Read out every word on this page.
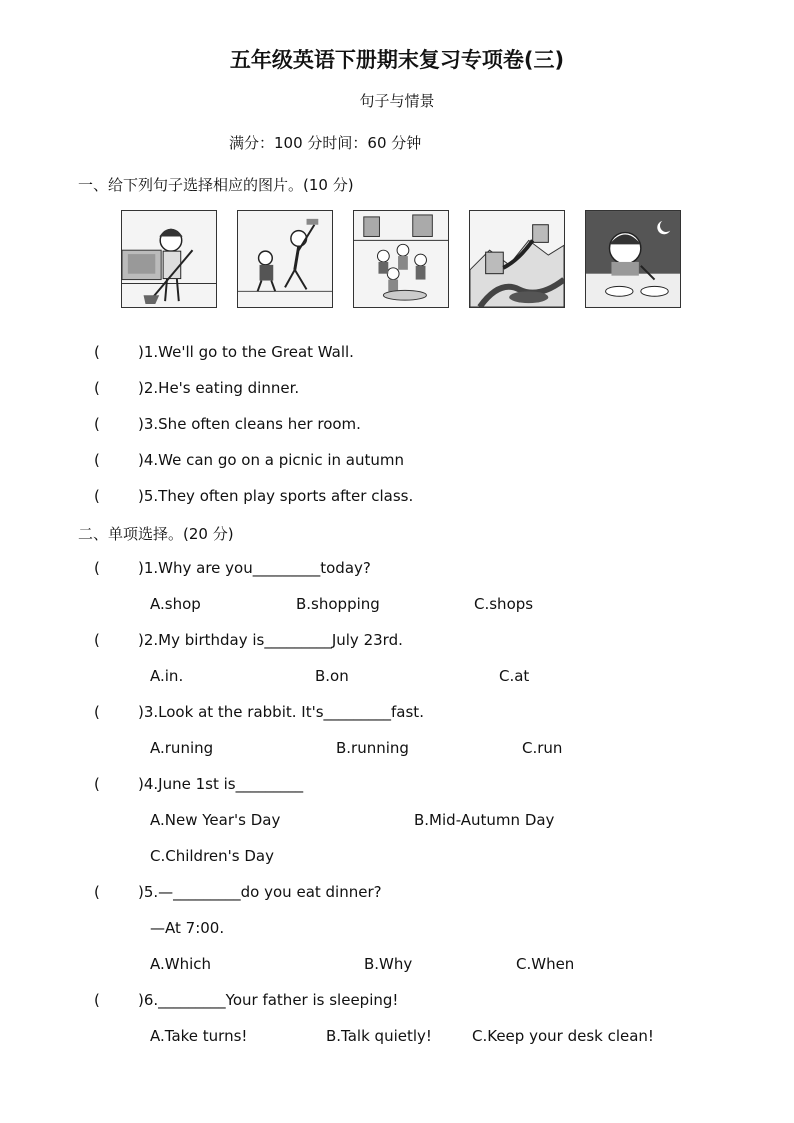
五年级英语下册期末复习专项卷(三)
句子与情景
满分：100 分时间：60 分钟
一、给下列句子选择相应的图片。(10 分)
(	)1.We'll go to the Great Wall.
(	)2.He's eating dinner.
(	)3.She often cleans her room.
(	)4.We can go on a picnic in autumn
(	)5.They often play sports after class.
二、单项选择。(20 分)
(	)1.Why are you_________today?
A.shop	B.shopping	C.shops
(	)2.My birthday is_________July 23rd.
A.in.	B.on	C.at
(	)3.Look at the rabbit. It's_________fast.
A.runing	B.running	C.run
(	)4.June 1st is_________
A.New Year's Day	B.Mid-Autumn Day
C.Children's Day
(	)5.—_________do you eat dinner?
—At 7:00.
A.Which	B.Why	C.When
(	)6._________Your father is sleeping!
A.Take turns!	B.Talk quietly!	C.Keep your desk clean!
